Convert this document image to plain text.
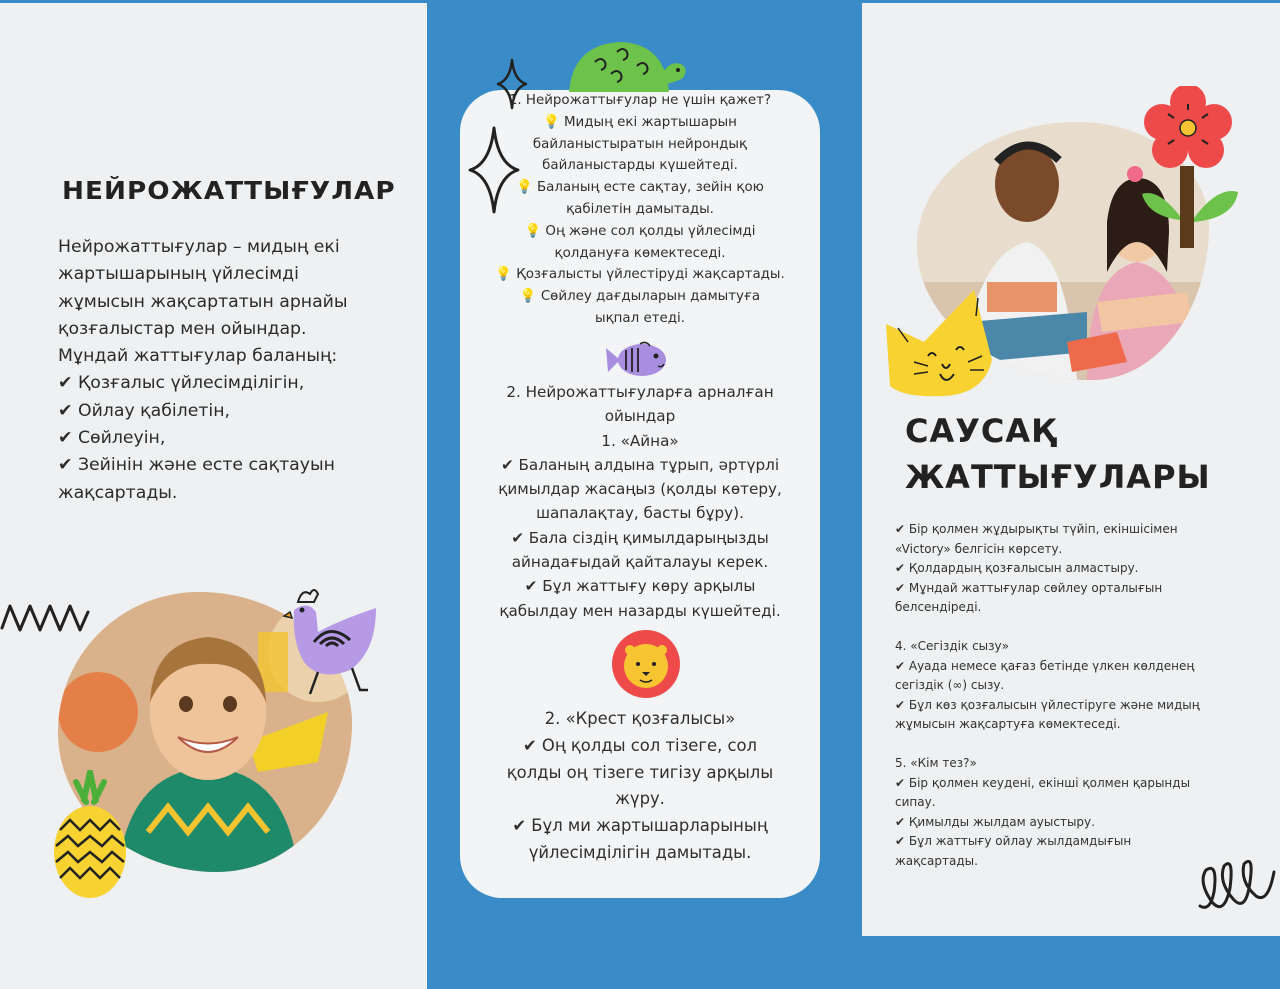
НЕЙРОЖАТТЫҒУЛАР
Нейрожаттығулар – мидың екі
жартышарының үйлесімді
жұмысын жақсартатын арнайы
қозғалыстар мен ойындар.
Мұндай жаттығулар баланың:
✔ Қозғалыс үйлесімділігін,
✔ Ойлау қабілетін,
✔ Сөйлеуін,
✔ Зейінін және есте сақтауын
жақсартады.
1. Нейрожаттығулар не үшін қажет?
💡 Мидың екі жартышарын
байланыстыратын нейрондық
байланыстарды күшейтеді.
💡 Баланың есте сақтау, зейін қою
қабілетін дамытады.
💡 Оң және сол қолды үйлесімді
қолдануға көмектеседі.
💡 Қозғалысты үйлестіруді жақсартады.
💡 Сөйлеу дағдыларын дамытуға
ықпал етеді.
2. Нейрожаттығуларға арналған
ойындар
1. «Айна»
✔ Баланың алдына тұрып, әртүрлі
қимылдар жасаңыз (қолды көтеру,
шапалақтау, басты бұру).
✔ Бала сіздің қимылдарыңызды
айнадағыдай қайталауы керек.
✔ Бұл жаттығу көру арқылы
қабылдау мен назарды күшейтеді.
2. «Крест қозғалысы»
✔ Оң қолды сол тізеге, сол
қолды оң тізеге тигізу арқылы
жүру.
✔ Бұл ми жартышарларының
үйлесімділігін дамытады.
САУСАҚ
ЖАТТЫҒУЛАРЫ
✔ Бір қолмен жұдырықты түйіп, екіншісімен
«Victory» белгісін көрсету.
✔ Қолдардың қозғалысын алмастыру.
✔ Мұндай жаттығулар сөйлеу орталығын
белсендіреді.
4. «Сегіздік сызу»
✔ Ауада немесе қағаз бетінде үлкен көлденең
сегіздік (∞) сызу.
✔ Бұл көз қозғалысын үйлестіруге және мидың
жұмысын жақсартуға көмектеседі.
5. «Кім тез?»
✔ Бір қолмен кеудені, екінші қолмен қарынды
сипау.
✔ Қимылды жылдам ауыстыру.
✔ Бұл жаттығу ойлау жылдамдығын
жақсартады.
